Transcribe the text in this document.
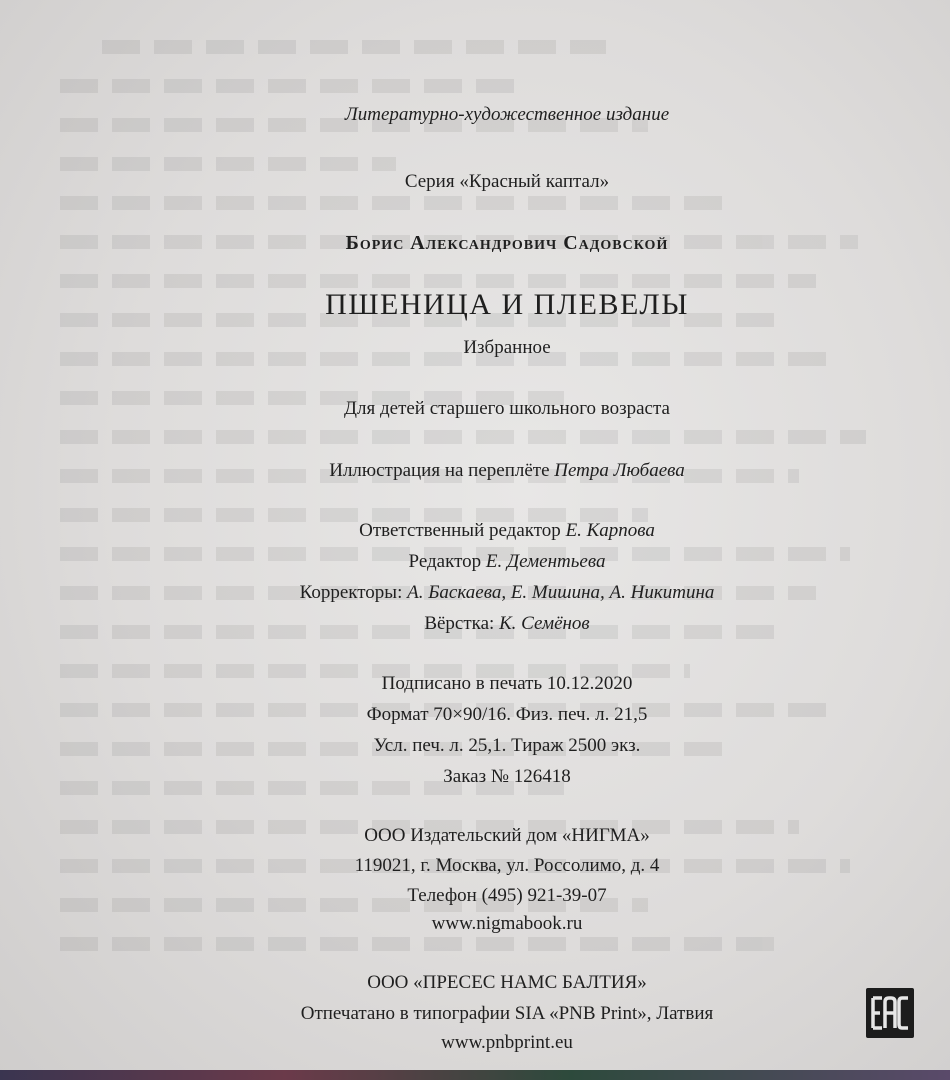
Литературно-художественное издание
Серия «Красный каптал»
Борис Александрович Садовской
ПШЕНИЦА И ПЛЕВЕЛЫ
Избранное
Для детей старшего школьного возраста
Иллюстрация на переплёте Петра Любаева
Ответственный редактор Е. Карпова
Редактор Е. Дементьева
Корректоры: А. Баскаева, Е. Мишина, А. Никитина
Вёрстка: К. Семёнов
Подписано в печать 10.12.2020
Формат 70×90/16. Физ. печ. л. 21,5
Усл. печ. л. 25,1. Тираж 2500 экз.
Заказ № 126418
ООО Издательский дом «НИГМА»
119021, г. Москва, ул. Россолимо, д. 4
Телефон (495) 921-39-07
www.nigmabook.ru
ООО «ПРЕСЕС НАМС БАЛТИЯ»
Отпечатано в типографии SIA «PNB Print», Латвия
www.pnbprint.eu
